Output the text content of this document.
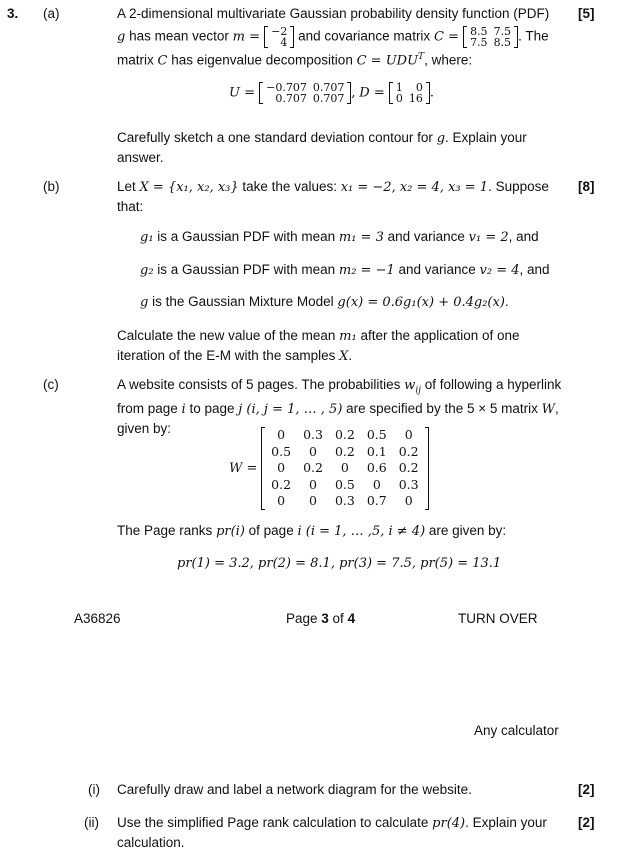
3. (a)	[5]
A 2-dimensional multivariate Gaussian probability density function (PDF)
g has mean vector m = −2
4 and covariance matrix C = 8.5	7.5
7.5	8.5 . The
matrix C has eigenvalue decomposition $C = UDU^T$, where:
U = −0.707	0.707
0.707	0.707 , D = 1	0
0	16 .
Carefully sketch a one standard deviation contour for g. Explain your answer.
(b)	[8]
Let X = {x₁, x₂, x₃} take the values: x₁ = −2, x₂ = 4, x₃ = 1. Suppose that:
g₁ is a Gaussian PDF with mean m₁ = 3 and variance v₁ = 2, and
g₂ is a Gaussian PDF with mean m₂ = −1 and variance v₂ = 4, and
g is the Gaussian Mixture Model g(x) = 0.6g₁(x) + 0.4g₂(x).
Calculate the new value of the mean m₁ after the application of one iteration of the E-M with the samples X.
(c)	A website consists of 5 pages. The probabilities $w_{ij}$ of following a hyperlink from page i to page j (i, j = 1, … , 5) are specified by the 5 × 5 matrix W, given by:
W =
0	0.3	0.2	0.5	0
0.5	0	0.2	0.1	0.2
0	0.2	0	0.6	0.2
0.2	0	0.5	0	0.3
0	0	0.3	0.7	0
The Page ranks pr(i) of page i (i = 1, … ,5, i ≠ 4) are given by:
pr(1) = 3.2, pr(2) = 8.1, pr(3) = 7.5, pr(5) = 13.1
A36826	Page 3 of 4	TURN OVER
Any calculator
(i) Carefully draw and label a network diagram for the website.	[2]
(ii) Use the simplified Page rank calculation to calculate pr(4). Explain your calculation.
[2]
